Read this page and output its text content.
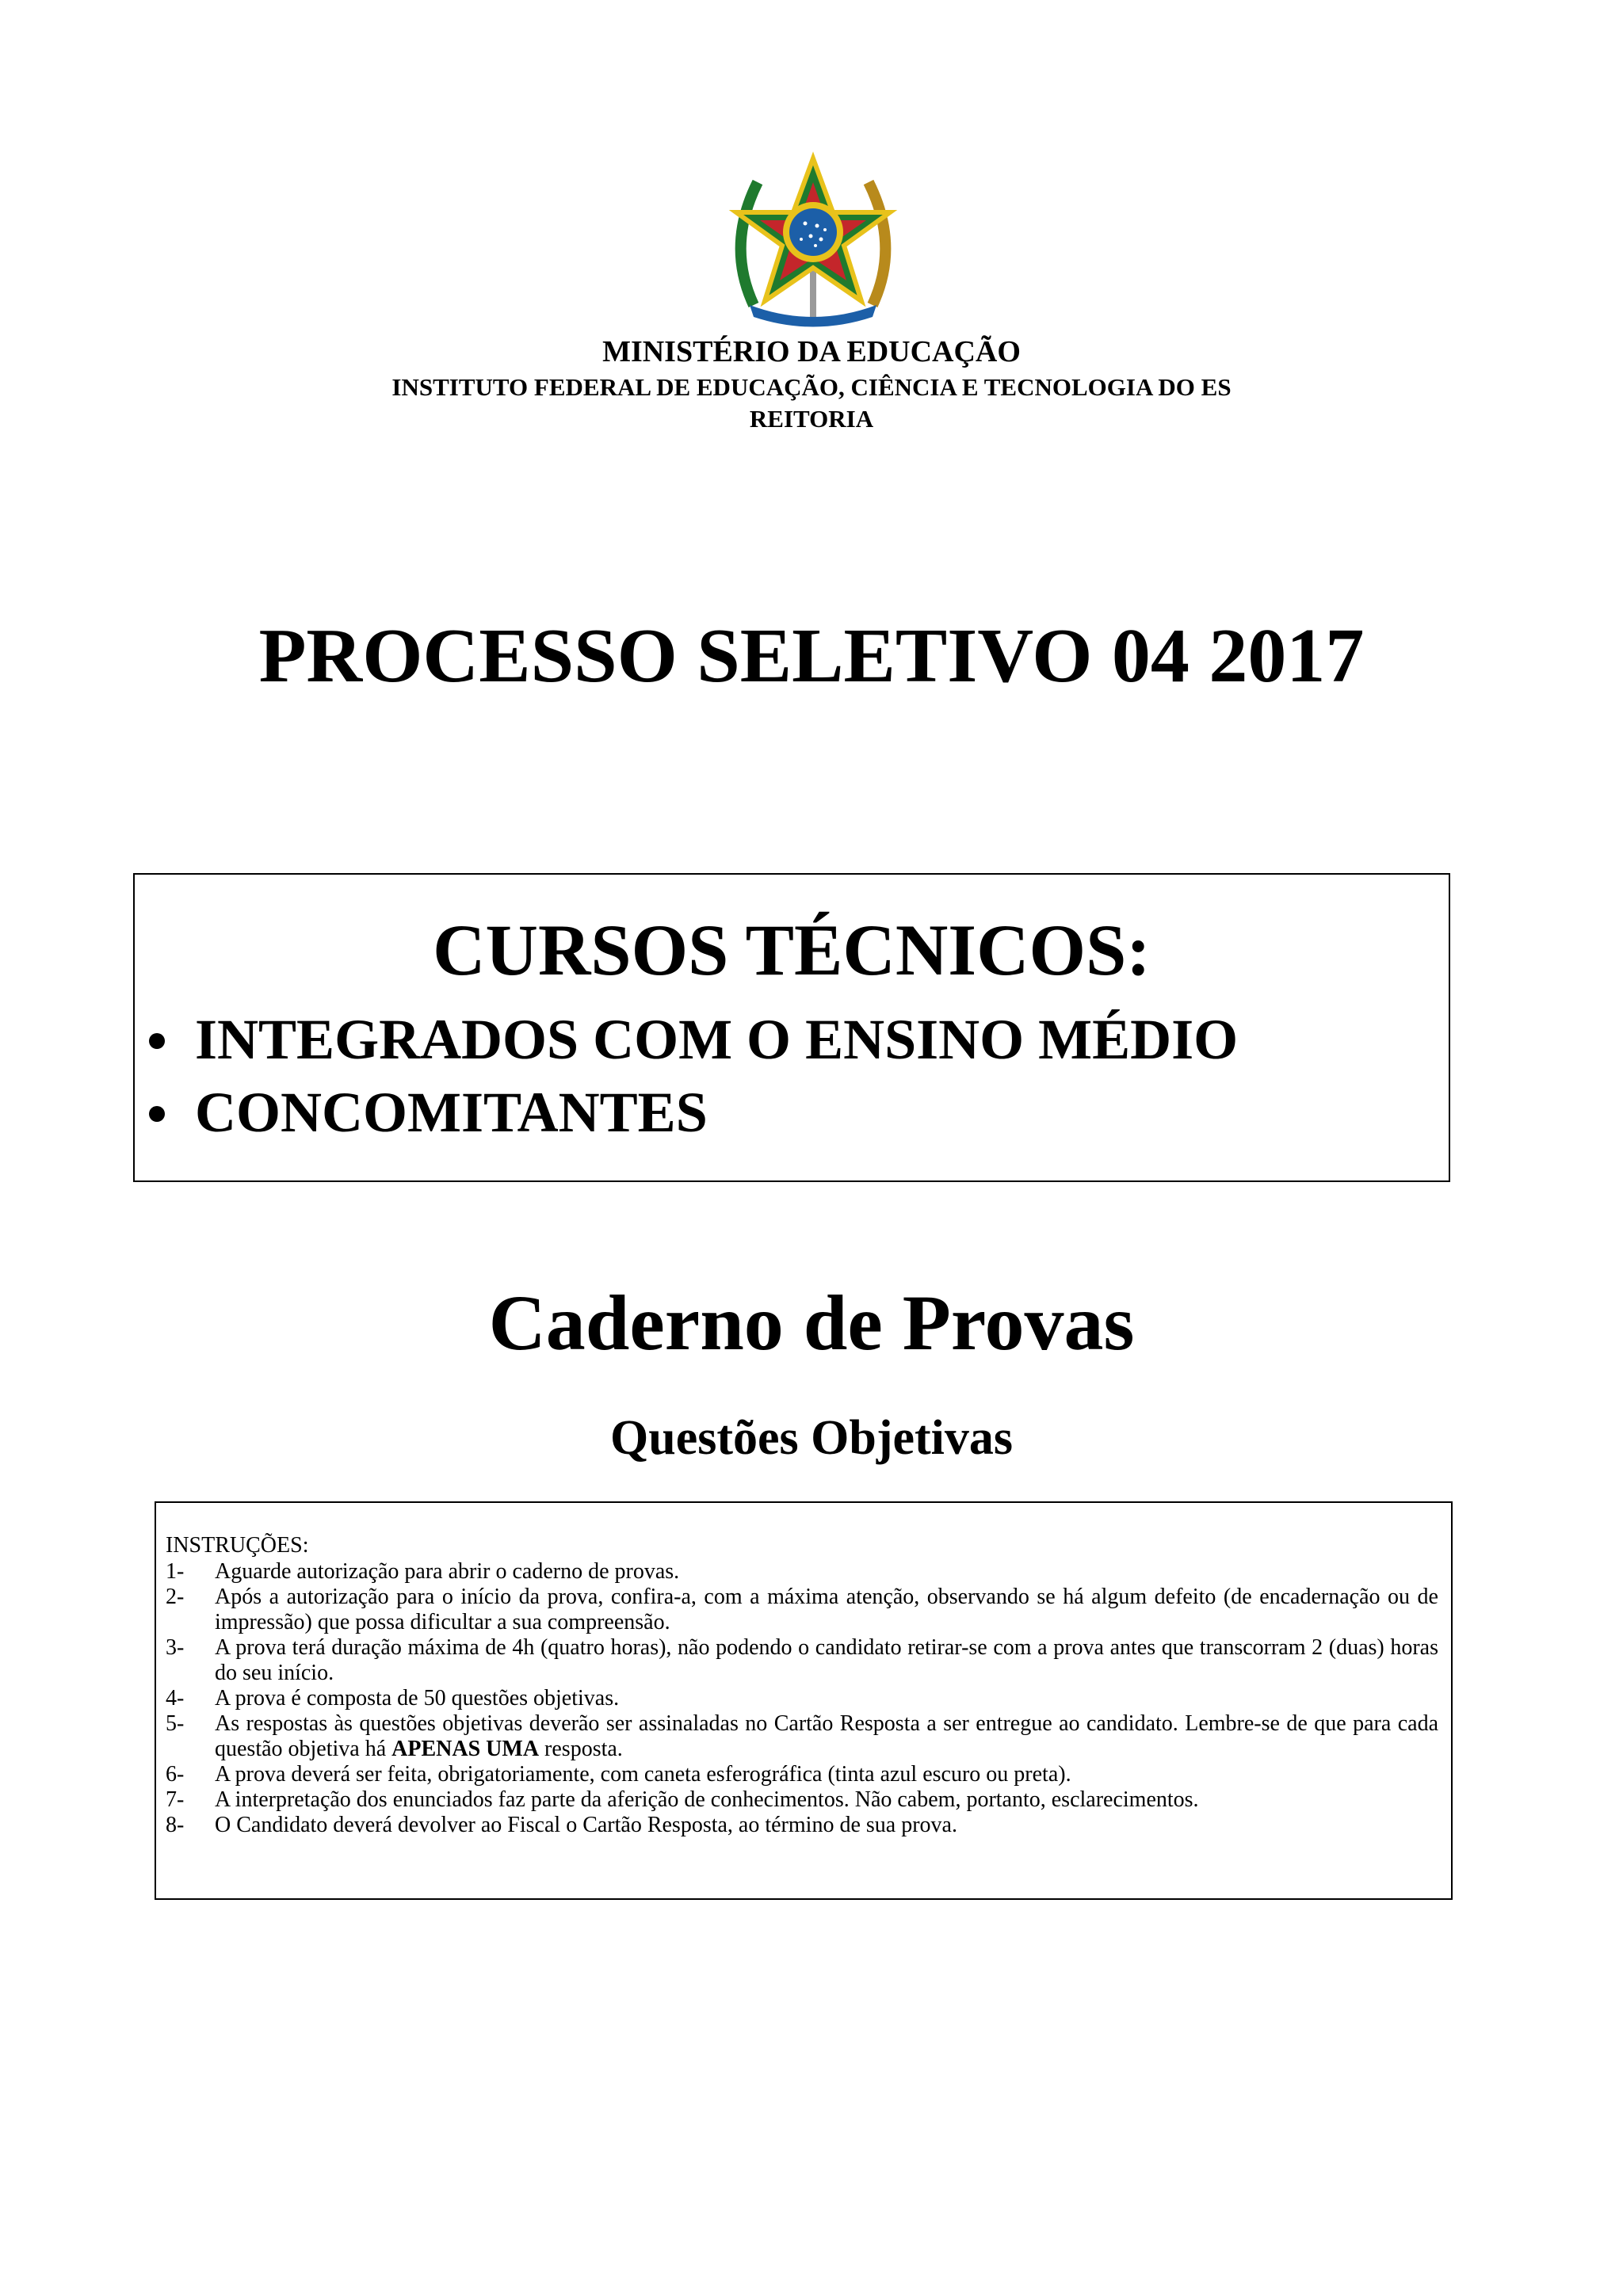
MINISTÉRIO DA EDUCAÇÃO
INSTITUTO FEDERAL DE EDUCAÇÃO, CIÊNCIA E TECNOLOGIA DO ES
REITORIA
PROCESSO SELETIVO 04 2017
CURSOS TÉCNICOS:
INTEGRADOS COM O ENSINO MÉDIO
CONCOMITANTES
Caderno de Provas
Questões Objetivas
INSTRUÇÕES:
1-	Aguarde autorização para abrir o caderno de provas.
2-	Após a autorização para o início da prova, confira-a, com a máxima atenção, observando se há algum defeito (de encadernação ou de impressão) que possa dificultar a sua compreensão.
3-	A prova terá duração máxima de 4h (quatro horas), não podendo o candidato retirar-se com a prova antes que transcorram 2 (duas) horas do seu início.
4-	A prova é composta de 50 questões objetivas.
5-	As respostas às questões objetivas deverão ser assinaladas no Cartão Resposta a ser entregue ao candidato. Lembre-se de que para cada questão objetiva há APENAS UMA resposta.
6-	A prova deverá ser feita, obrigatoriamente, com caneta esferográfica (tinta azul escuro ou preta).
7-	A interpretação dos enunciados faz parte da aferição de conhecimentos. Não cabem, portanto, esclarecimentos.
8-	O Candidato deverá devolver ao Fiscal o Cartão Resposta, ao término de sua prova.
